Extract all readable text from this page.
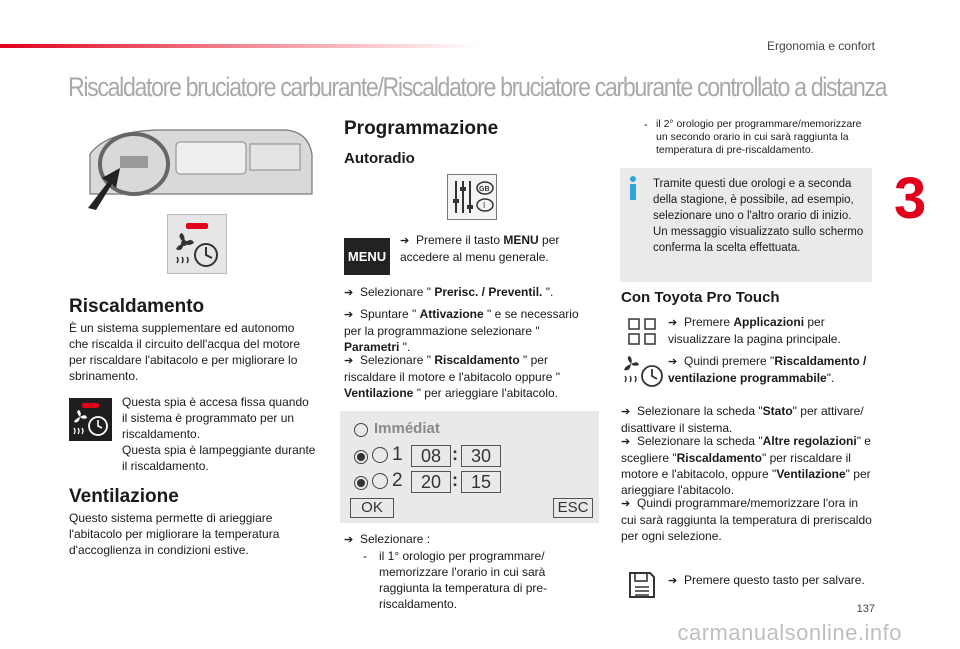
Ergonomia e confort
Riscaldatore bruciatore carburante/Riscaldatore bruciatore carburante controllato a distanza
3
Riscaldamento

È un sistema supplementare ed autonomo che riscalda il circuito dell'acqua del motore per riscaldare l'abitacolo e per migliorare lo sbrinamento.

Questa spia è accesa fissa quando

il sistema è programmato per un

riscaldamento.

Questa spia è lampeggiante durante

il riscaldamento.

Ventilazione

Questo sistema permette di arieggiare l'abitacolo per migliorare la temperatura d'accoglienza in condizioni estive.

Programmazione
Autoradio
GB
I
MENU

➔ Premere il tasto MENU per accedere al menu generale.

➔ Selezionare " Prerisc. / Preventil. ".

➔ Spuntare " Attivazione " e se necessario per la programmazione selezionare " Parametri ".

➔ Selezionare " Riscaldamento " per riscaldare il motore e l'abitacolo oppure " Ventilazione " per arieggiare l'abitacolo.

Immédiat
1	08 : 30
2	20 : 15
OK	ESC

➔ Selezionare :

- il 1° orologio per programmare/ memorizzare l'orario in cui sarà raggiunta la temperatura di pre-riscaldamento.

- il 2° orologio per programmare/memorizzare un secondo orario in cui sarà raggiunta la temperatura di pre-riscaldamento.

Tramite questi due orologi e a seconda della stagione, è possibile, ad esempio, selezionare uno o l'altro orario di inizio. Un messaggio visualizzato sullo schermo conferma la scelta effettuata.

Con Toyota Pro Touch

➔ Premere Applicazioni per visualizzare la pagina principale.

➔ Quindi premere "Riscaldamento / ventilazione programmabile".

➔ Selezionare la scheda "Stato" per attivare/ disattivare il sistema.

➔ Selezionare la scheda "Altre regolazioni" e scegliere "Riscaldamento" per riscaldare il motore e l'abitacolo, oppure "Ventilazione" per arieggiare l'abitacolo.

➔ Quindi programmare/memorizzare l'ora in cui sarà raggiunta la temperatura di preriscaldo per ogni selezione.

➔ Premere questo tasto per salvare.

137
carmanualsonline.info
